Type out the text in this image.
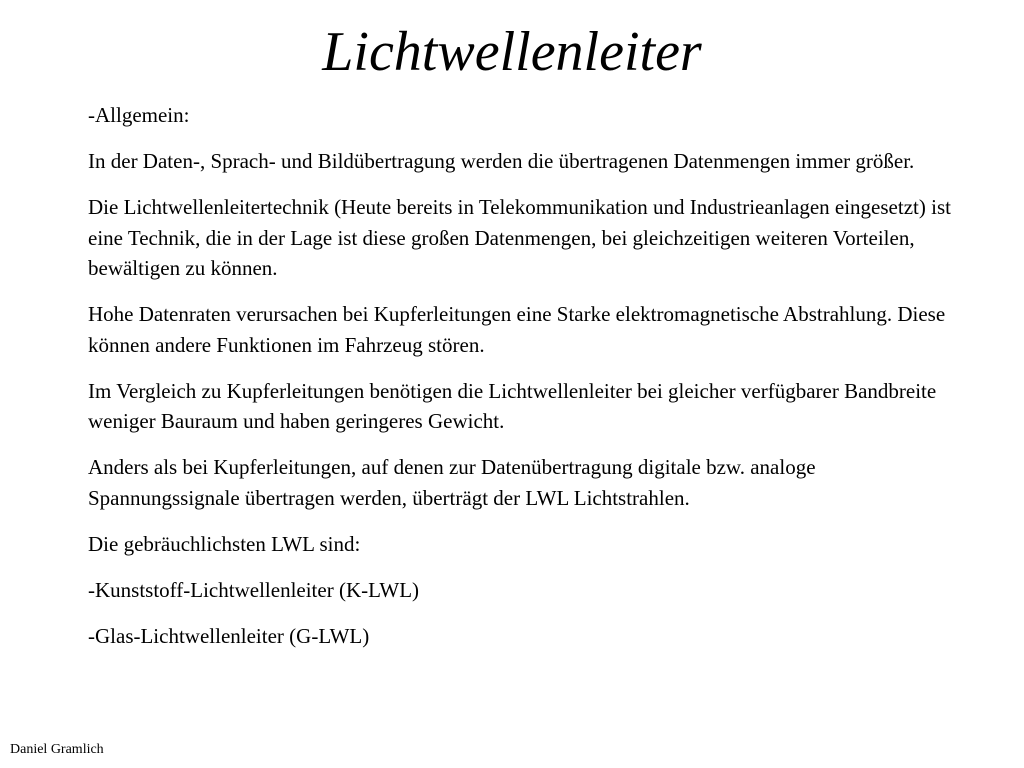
Lichtwellenleiter

-Allgemein:

In der Daten-, Sprach- und Bildübertragung werden die übertragenen Datenmengen immer größer.

Die Lichtwellenleitertechnik (Heute bereits in Telekommunikation und Industrieanlagen eingesetzt) ist eine Technik, die in der Lage ist diese großen Datenmengen, bei gleichzeitigen weiteren Vorteilen, bewältigen zu können.

Hohe Datenraten verursachen bei Kupferleitungen eine Starke elektromagnetische Abstrahlung. Diese können andere Funktionen im Fahrzeug stören.

Im Vergleich zu Kupferleitungen benötigen die Lichtwellenleiter bei gleicher verfügbarer Bandbreite weniger Bauraum und haben geringeres Gewicht.

Anders als bei Kupferleitungen, auf denen zur Datenübertragung digitale bzw. analoge Spannungssignale übertragen werden, überträgt der LWL Lichtstrahlen.

Die gebräuchlichsten LWL sind:

-Kunststoff-Lichtwellenleiter (K-LWL)

-Glas-Lichtwellenleiter (G-LWL)

Daniel Gramlich
